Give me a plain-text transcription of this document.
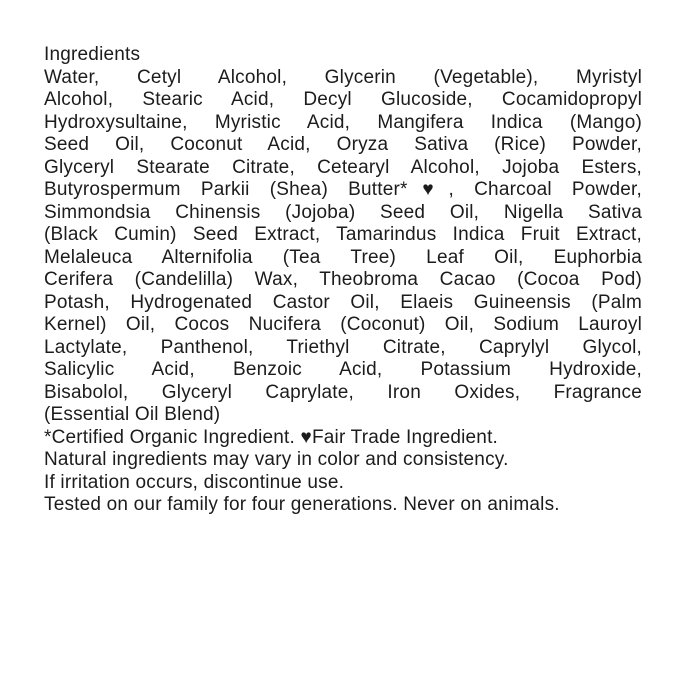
Ingredients
Water, Cetyl Alcohol, Glycerin (Vegetable), Myristyl
Alcohol, Stearic Acid, Decyl Glucoside, Cocamidopropyl
Hydroxysultaine, Myristic Acid, Mangifera Indica (Mango)
Seed Oil, Coconut Acid, Oryza Sativa (Rice) Powder,
Glyceryl Stearate Citrate, Cetearyl Alcohol, Jojoba Esters,
Butyrospermum Parkii (Shea) Butter*♥, Charcoal Powder,
Simmondsia Chinensis (Jojoba) Seed Oil, Nigella Sativa
(Black Cumin) Seed Extract, Tamarindus Indica Fruit Extract,
Melaleuca Alternifolia (Tea Tree) Leaf Oil, Euphorbia
Cerifera (Candelilla) Wax, Theobroma Cacao (Cocoa Pod)
Potash, Hydrogenated Castor Oil, Elaeis Guineensis (Palm
Kernel) Oil, Cocos Nucifera (Coconut) Oil, Sodium Lauroyl
Lactylate, Panthenol, Triethyl Citrate, Caprylyl Glycol,
Salicylic Acid, Benzoic Acid, Potassium Hydroxide,
Bisabolol, Glyceryl Caprylate, Iron Oxides, Fragrance
(Essential Oil Blend)
*Certified Organic Ingredient. ♥Fair Trade Ingredient.
Natural ingredients may vary in color and consistency.
If irritation occurs, discontinue use.
Tested on our family for four generations. Never on animals.
